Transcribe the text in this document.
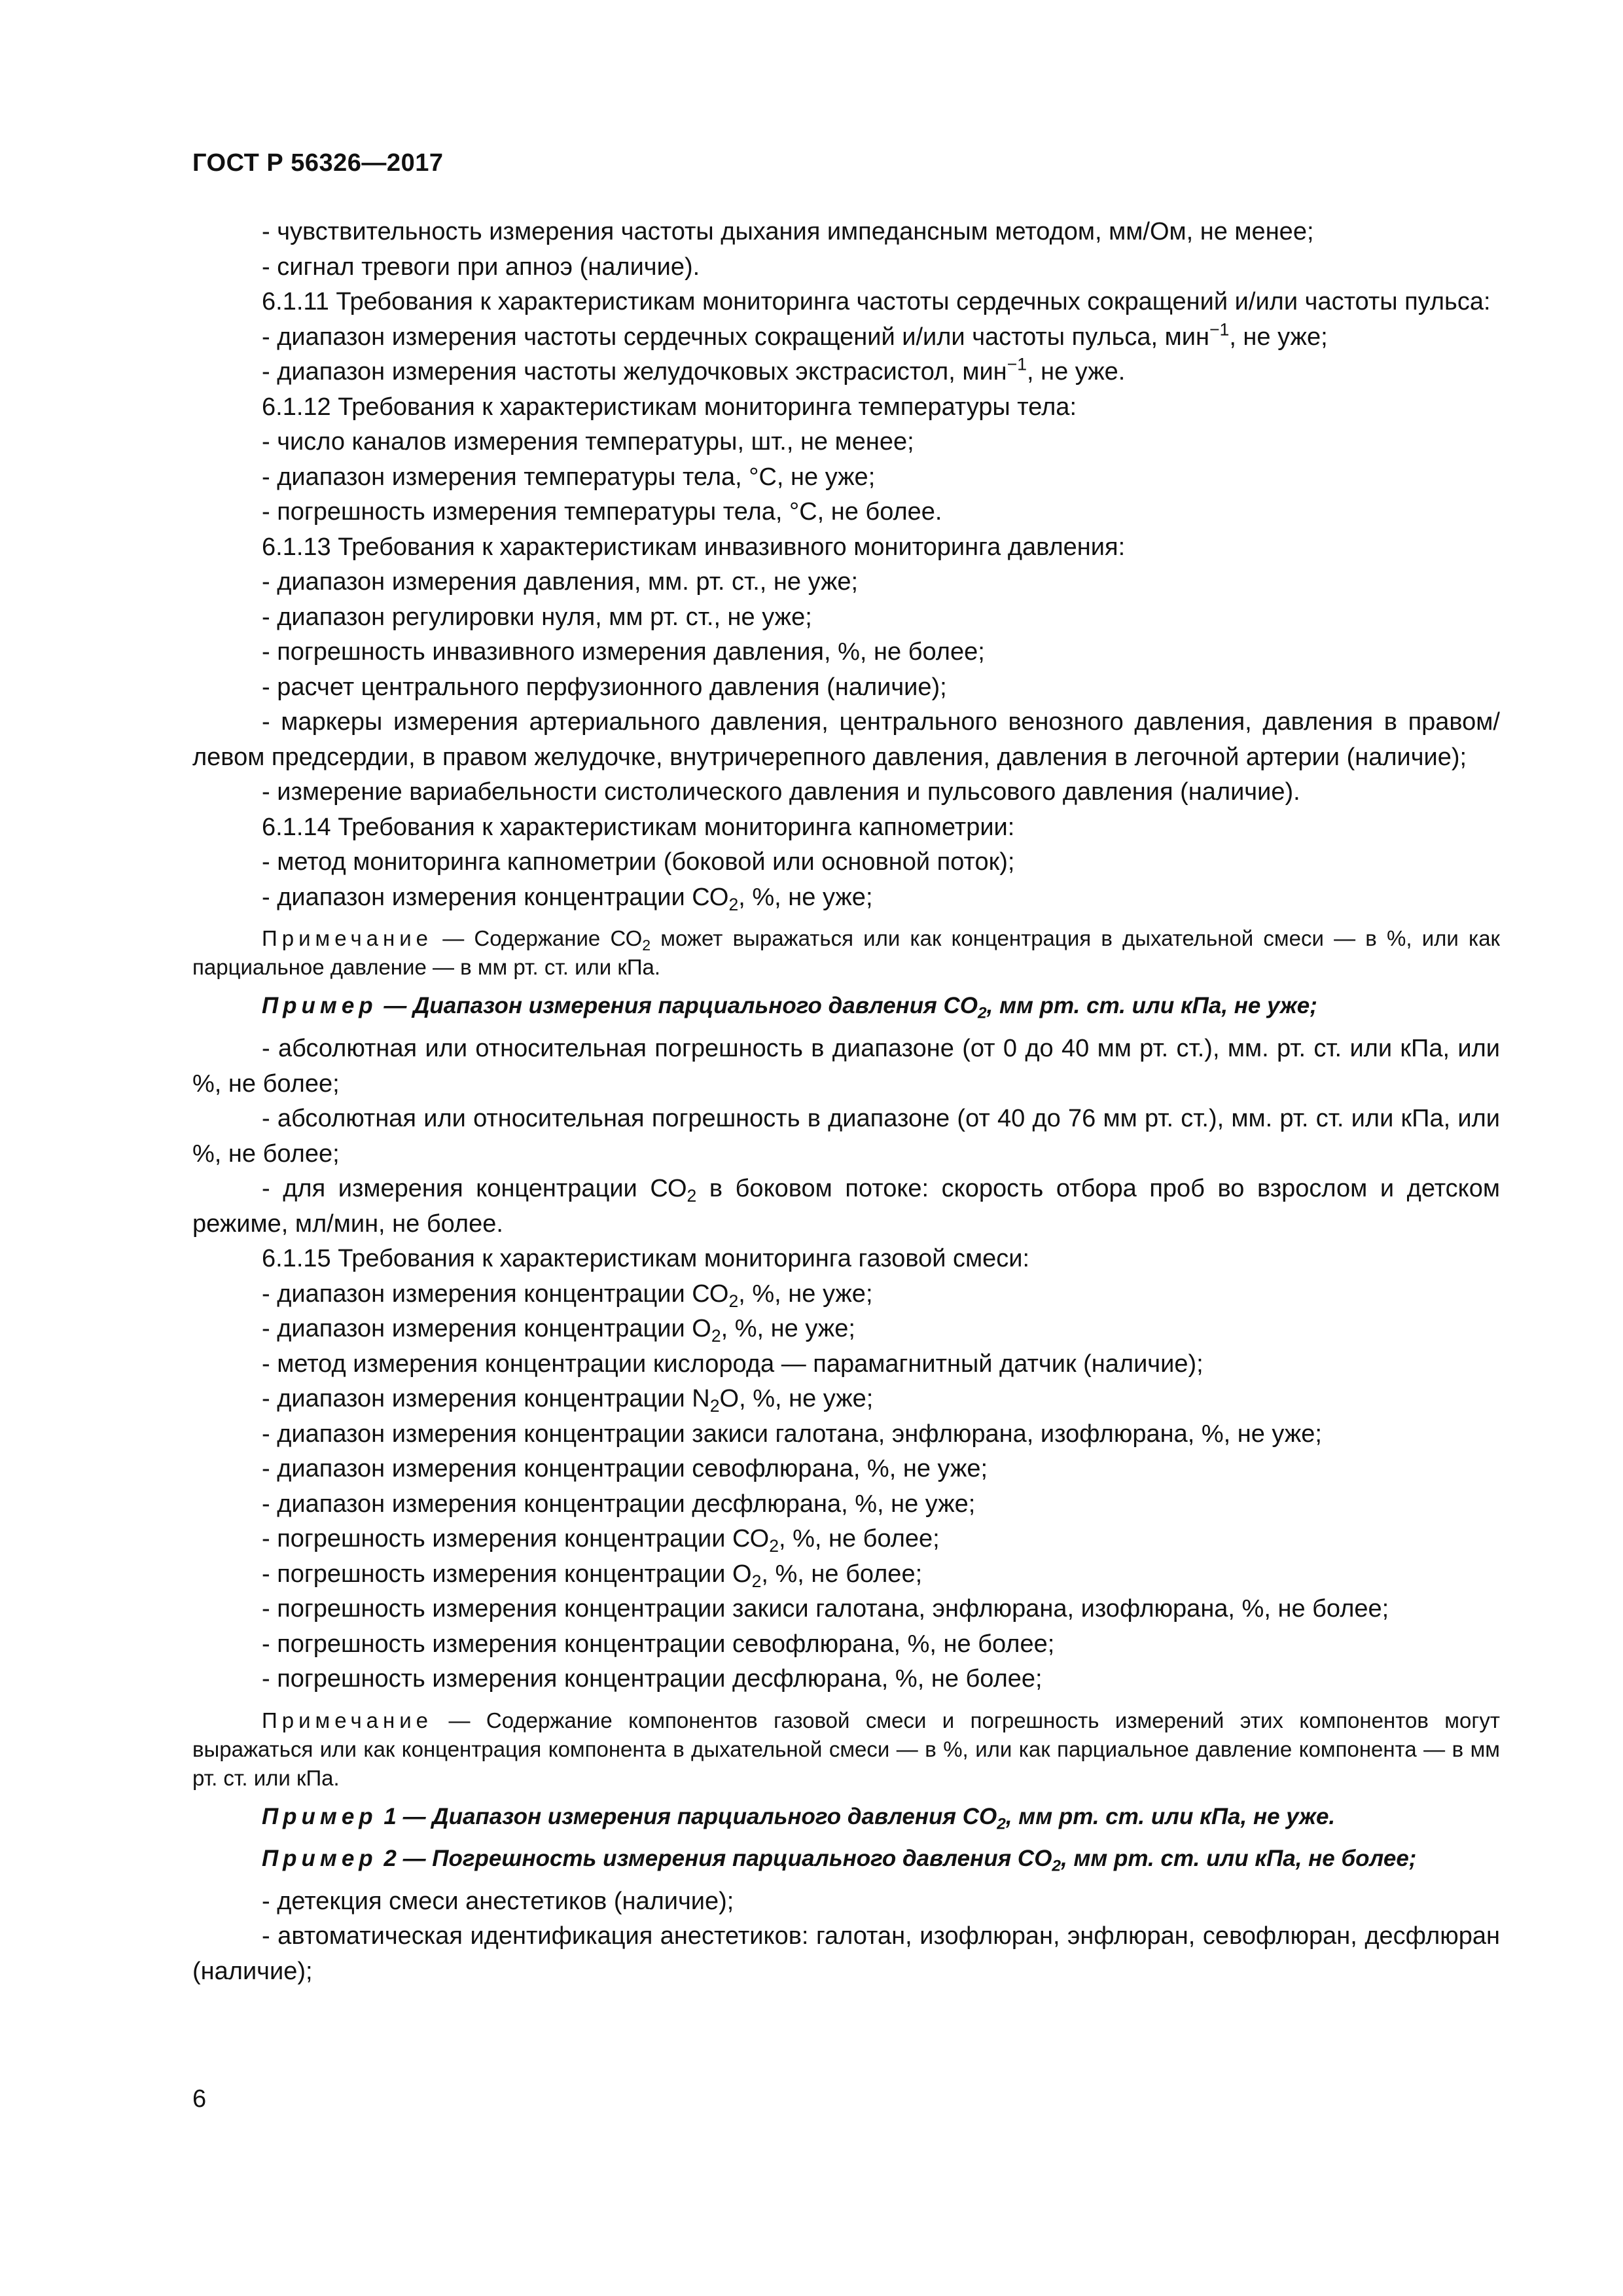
ГОСТ Р 56326—2017

- чувствительность измерения частоты дыхания импедансным методом, мм/Ом, не менее;

- сигнал тревоги при апноэ (наличие).

6.1.11 Требования к характеристикам мониторинга частоты сердечных сокращений и/или частоты пульса:

- диапазон измерения частоты сердечных сокращений и/или частоты пульса, мин$^{-1}$, не уже;

- диапазон измерения частоты желудочковых экстрасистол, мин$^{-1}$, не уже.

6.1.12 Требования к характеристикам мониторинга температуры тела:

- число каналов измерения температуры, шт., не менее;

- диапазон измерения температуры тела, °С, не уже;

- погрешность измерения температуры тела, °С, не более.

6.1.13 Требования к характеристикам инвазивного мониторинга давления:

- диапазон измерения давления, мм. рт. ст., не уже;

- диапазон регулировки нуля, мм рт. ст., не уже;

- погрешность инвазивного измерения давления, %, не более;

- расчет центрального перфузионного давления (наличие);

- маркеры измерения артериального давления, центрального венозного давления, давления в правом/левом предсердии, в правом желудочке, внутричерепного давления, давления в легочной артерии (наличие);

- измерение вариабельности систолического давления и пульсового давления (наличие).

6.1.14 Требования к характеристикам мониторинга капнометрии:

- метод мониторинга капнометрии (боковой или основной поток);

- диапазон измерения концентрации $СО_2$, %, не уже;

Примечание — Содержание $СО_2$ может выражаться или как концентрация в дыхательной смеси — в %, или как парциальное давление — в мм рт. ст. или кПа.

Пример — Диапазон измерения парциального давления $СО_2$, мм рт. ст. или кПа, не уже;

- абсолютная или относительная погрешность в диапазоне (от 0 до 40 мм рт. ст.), мм. рт. ст. или кПа, или %, не более;

- абсолютная или относительная погрешность в диапазоне (от 40 до 76 мм рт. ст.), мм. рт. ст. или кПа, или %, не более;

- для измерения концентрации $СО_2$ в боковом потоке: скорость отбора проб во взрослом и детском режиме, мл/мин, не более.

6.1.15 Требования к характеристикам мониторинга газовой смеси:

- диапазон измерения концентрации $СО_2$, %, не уже;

- диапазон измерения концентрации $О_2$, %, не уже;

- метод измерения концентрации кислорода — парамагнитный датчик (наличие);

- диапазон измерения концентрации $N_2О$, %, не уже;

- диапазон измерения концентрации закиси галотана, энфлюрана, изофлюрана, %, не уже;

- диапазон измерения концентрации севофлюрана, %, не уже;

- диапазон измерения концентрации десфлюрана, %, не уже;

- погрешность измерения концентрации $СО_2$, %, не более;

- погрешность измерения концентрации $О_2$, %, не более;

- погрешность измерения концентрации закиси галотана, энфлюрана, изофлюрана, %, не более;

- погрешность измерения концентрации севофлюрана, %, не более;

- погрешность измерения концентрации десфлюрана, %, не более;

Примечание — Содержание компонентов газовой смеси и погрешность измерений этих компонентов могут выражаться или как концентрация компонента в дыхательной смеси — в %, или как парциальное давление компонента — в мм рт. ст. или кПа.

Пример 1 — Диапазон измерения парциального давления $СО_2$, мм рт. ст. или кПа, не уже.

Пример 2 — Погрешность измерения парциального давления $СО_2$, мм рт. ст. или кПа, не более;

- детекция смеси анестетиков (наличие);

- автоматическая идентификация анестетиков: галотан, изофлюран, энфлюран, севофлюран, десфлюран (наличие);

6
